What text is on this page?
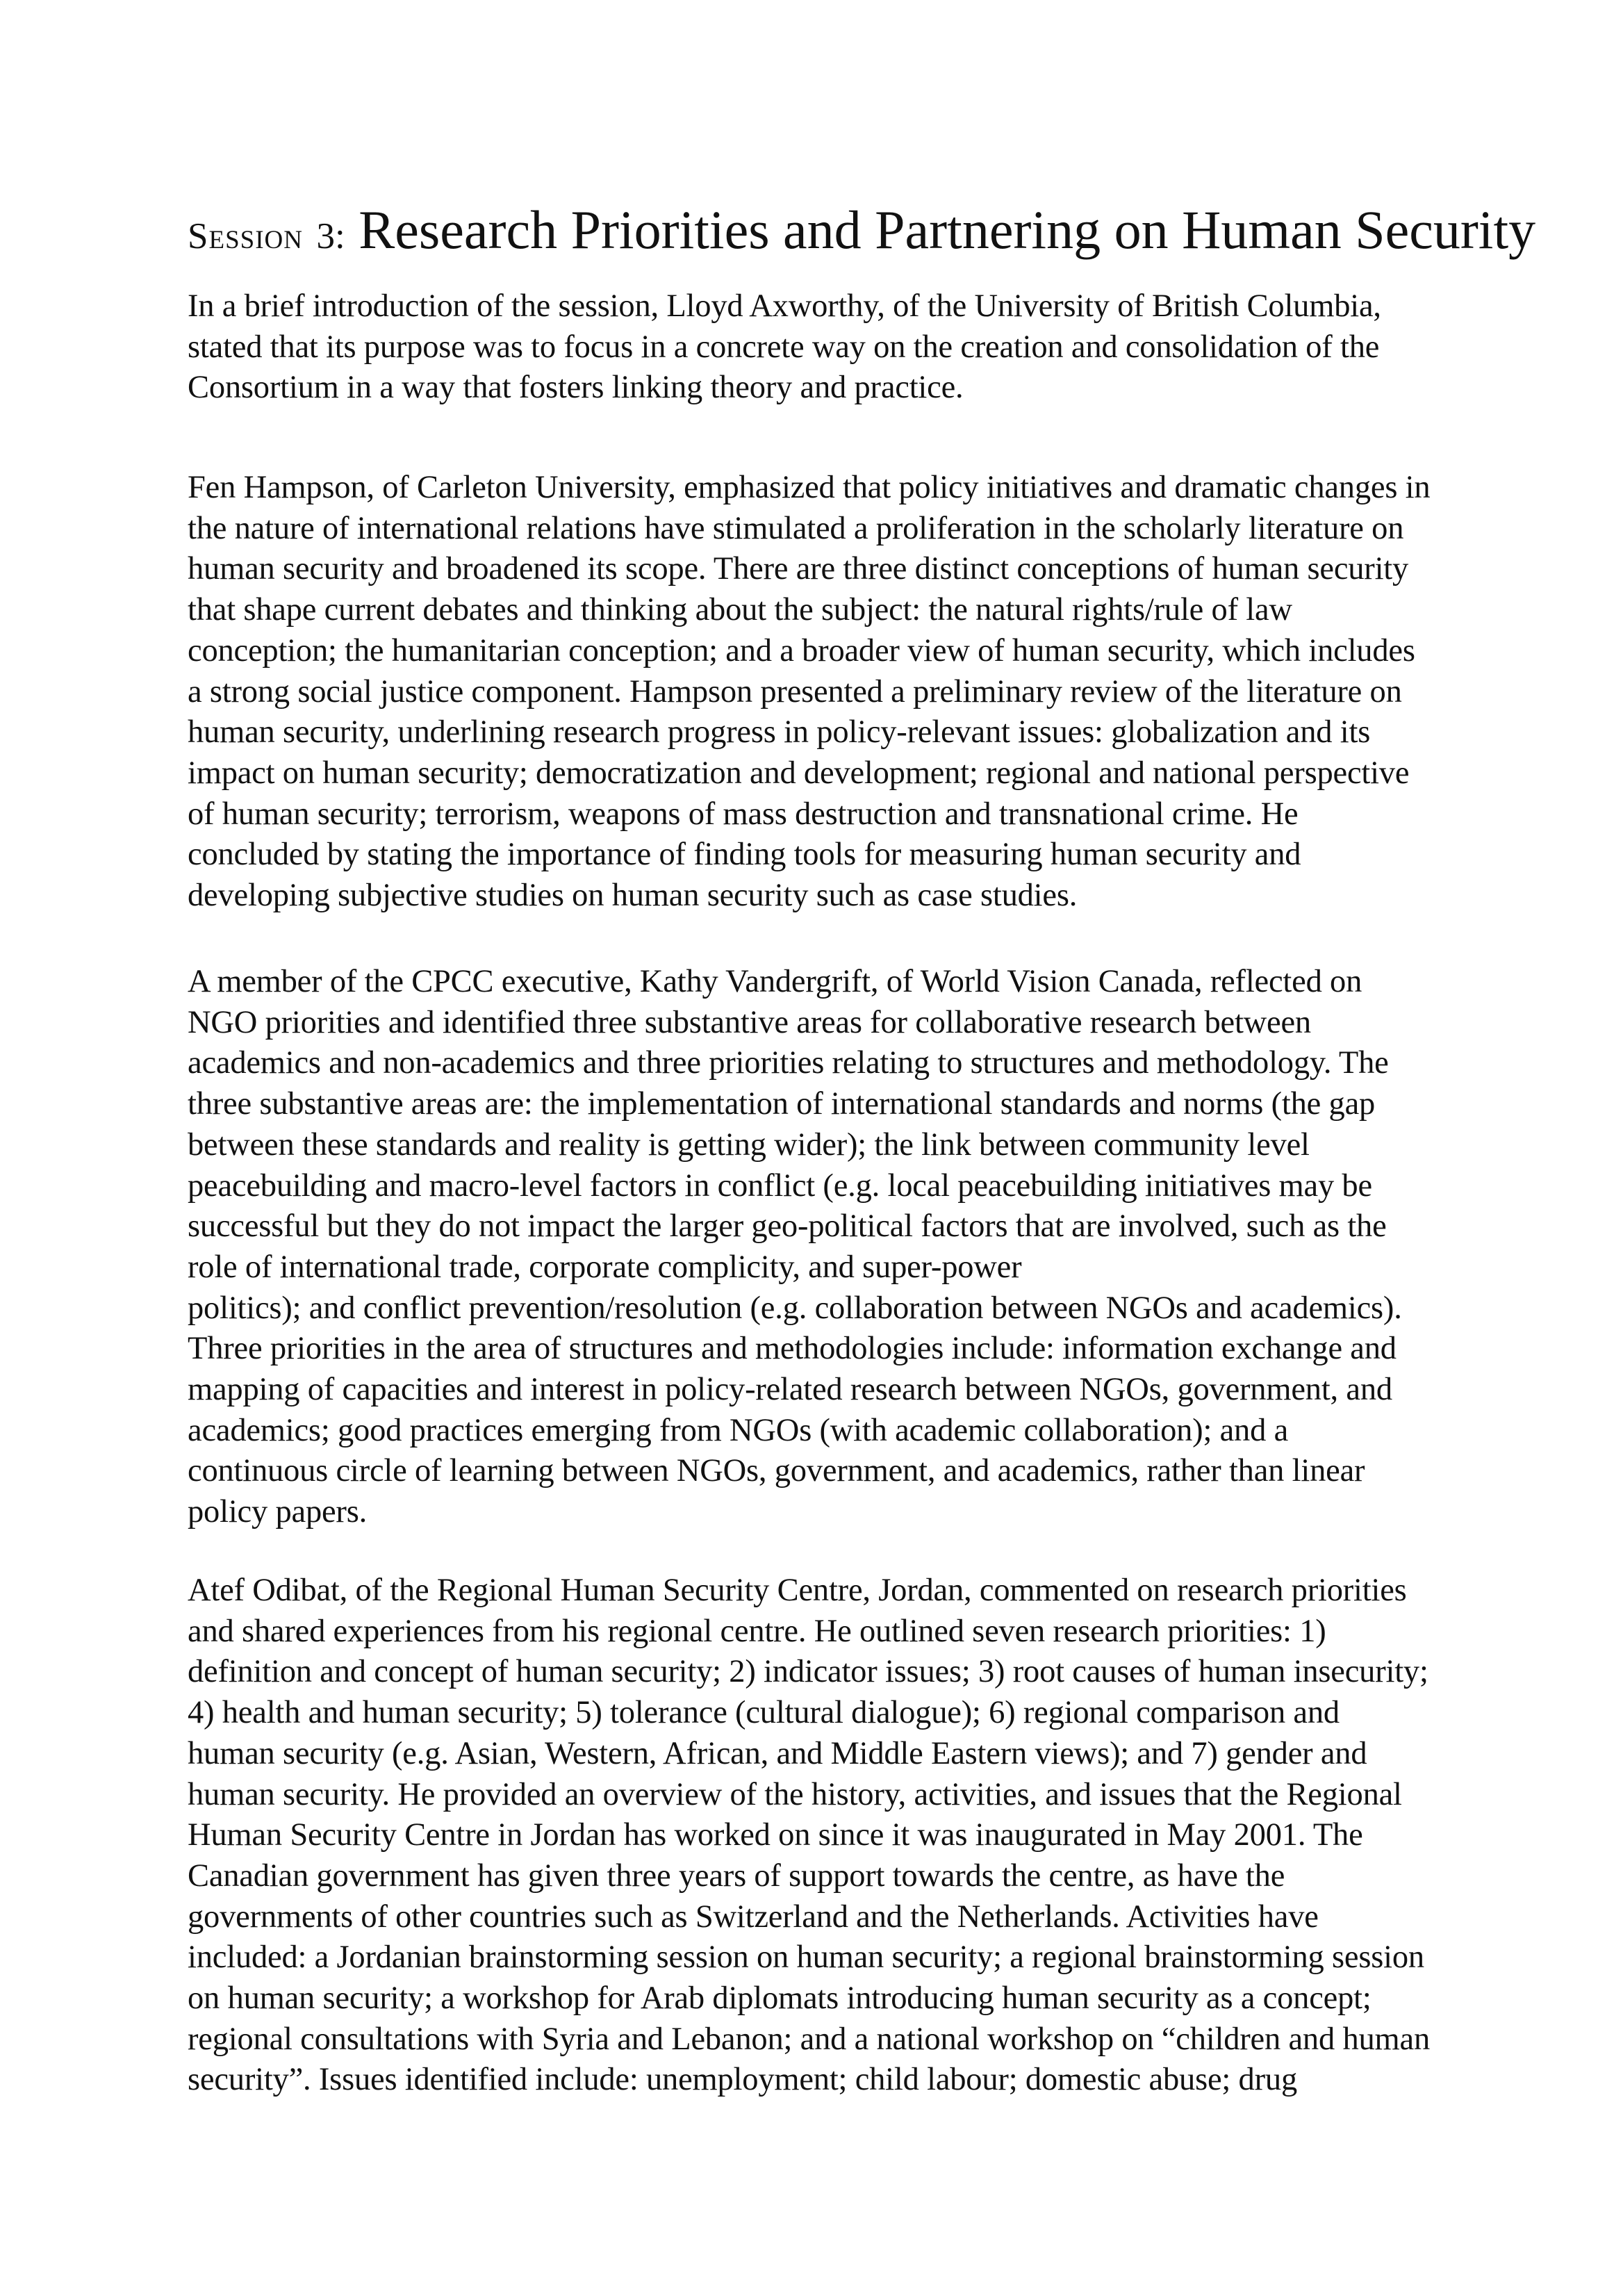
Session 3: Research Priorities and Partnering on Human Security
In a brief introduction of the session, Lloyd Axworthy, of the University of British Columbia,
stated that its purpose was to focus in a concrete way on the creation and consolidation of the
Consortium in a way that fosters linking theory and practice.
Fen Hampson, of Carleton University, emphasized that policy initiatives and dramatic changes in
the nature of international relations have stimulated a proliferation in the scholarly literature on
human security and broadened its scope. There are three distinct conceptions of human security
that shape current debates and thinking about the subject: the natural rights/rule of law
conception; the humanitarian conception; and a broader view of human security, which includes
a strong social justice component. Hampson presented a preliminary review of the literature on
human security, underlining research progress in policy-relevant issues: globalization and its
impact on human security; democratization and development; regional and national perspective
of human security; terrorism, weapons of mass destruction and transnational crime. He
concluded by stating the importance of finding tools for measuring human security and
developing subjective studies on human security such as case studies.
A member of the CPCC executive, Kathy Vandergrift, of World Vision Canada, reflected on
NGO priorities and identified three substantive areas for collaborative research between
academics and non-academics and three priorities relating to structures and methodology. The
three substantive areas are: the implementation of international standards and norms (the gap
between these standards and reality is getting wider); the link between community level
peacebuilding and macro-level factors in conflict (e.g. local peacebuilding initiatives may be
successful but they do not impact the larger geo-political factors that are involved, such as the
role of international trade, corporate complicity, and super-power
politics); and conflict prevention/resolution (e.g. collaboration between NGOs and academics).
Three priorities in the area of structures and methodologies include: information exchange and
mapping of capacities and interest in policy-related research between NGOs, government, and
academics; good practices emerging from NGOs (with academic collaboration); and a
continuous circle of learning between NGOs, government, and academics, rather than linear
policy papers.
Atef Odibat, of the Regional Human Security Centre, Jordan, commented on research priorities
and shared experiences from his regional centre. He outlined seven research priorities: 1)
definition and concept of human security; 2) indicator issues; 3) root causes of human insecurity;
4) health and human security; 5) tolerance (cultural dialogue); 6) regional comparison and
human security (e.g. Asian, Western, African, and Middle Eastern views); and 7) gender and
human security. He provided an overview of the history, activities, and issues that the Regional
Human Security Centre in Jordan has worked on since it was inaugurated in May 2001. The
Canadian government has given three years of support towards the centre, as have the
governments of other countries such as Switzerland and the Netherlands. Activities have
included: a Jordanian brainstorming session on human security; a regional brainstorming session
on human security; a workshop for Arab diplomats introducing human security as a concept;
regional consultations with Syria and Lebanon; and a national workshop on “children and human
security”. Issues identified include: unemployment; child labour; domestic abuse; drug
